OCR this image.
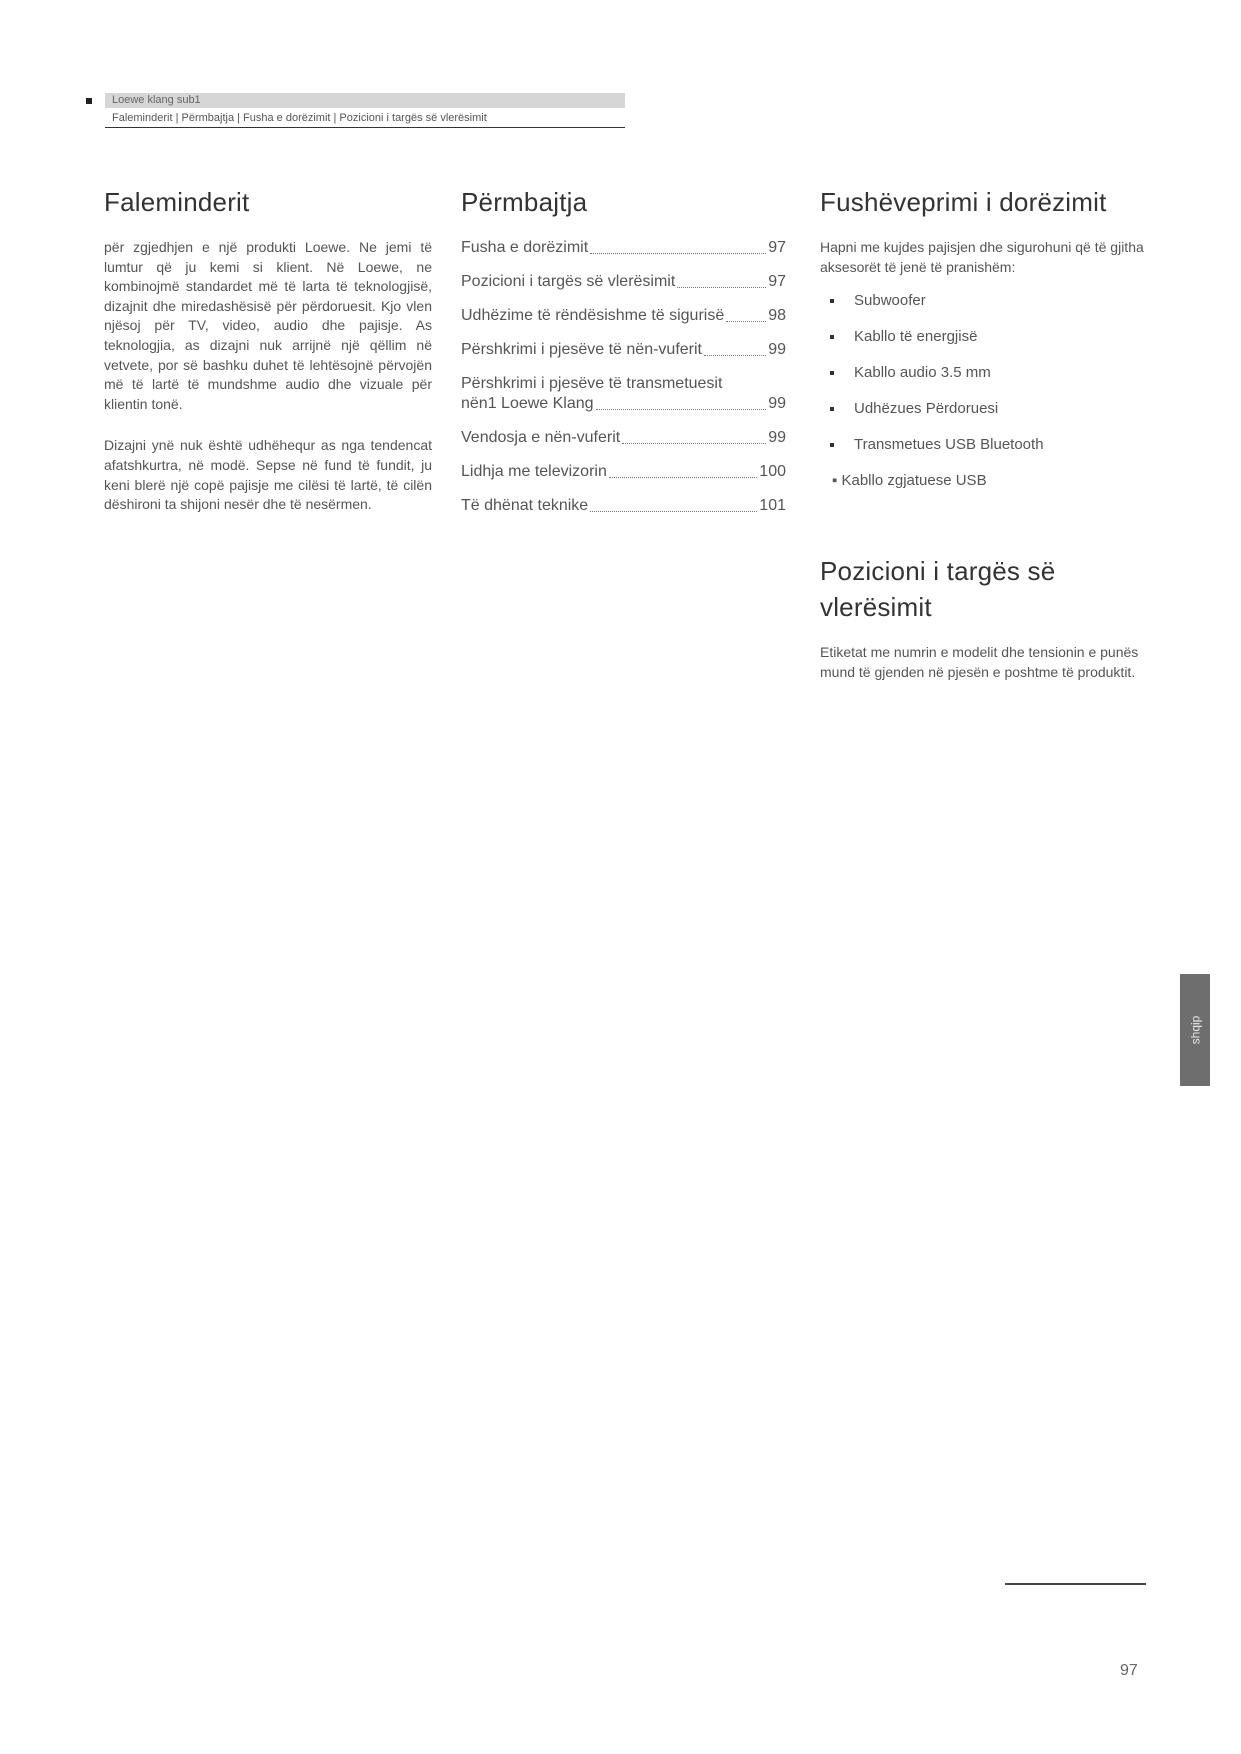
Loewe klang sub1
Faleminderit | Përmbajtja | Fusha e dorëzimit | Pozicioni i targës së vlerësimit
Faleminderit

për zgjedhjen e një produkti Loewe. Ne jemi të lumtur që ju kemi si klient. Në Loewe, ne kombinojmë standardet më të larta të teknologjisë, dizajnit dhe miredashësisë për përdoruesit. Kjo vlen njësoj për TV, video, audio dhe pajisje. As teknologjia, as dizajni nuk arrijnë një qëllim në vetvete, por së bashku duhet të lehtësojnë përvojën më të lartë të mundshme audio dhe vizuale për klientin tonë.

Dizajni ynë nuk është udhëhequr as nga tendencat afatshkurtra, në modë. Sepse në fund të fundit, ju keni blerë një copë pajisje me cilësi të lartë, të cilën dëshironi ta shijoni nesër dhe të nesërmen.

Përmbajtja
Fusha e dorëzimit	97
Pozicioni i targës së vlerësimit	97
Udhëzime të rëndësishme të sigurisë	98
Përshkrimi i pjesëve të nën-vuferit	99
Përshkrimi i pjesëve të transmetuesit
nën1 Loewe Klang	99
Vendosja e nën-vuferit	99
Lidhja me televizorin	100
Të dhënat teknike	101
Fushëveprimi i dorëzimit

Hapni me kujdes pajisjen dhe sigurohuni që të gjitha aksesorët të jenë të pranishëm:

Subwoofer
Kabllo të energjisë
Kabllo audio 3.5 mm
Udhëzues Përdoruesi
Transmetues USB Bluetooth
▪ Kabllo zgjatuese USB
Pozicioni i targës së vlerësimit

Etiketat me numrin e modelit dhe tensionin e punës mund të gjenden në pjesën e poshtme të produktit.

shqip
97
